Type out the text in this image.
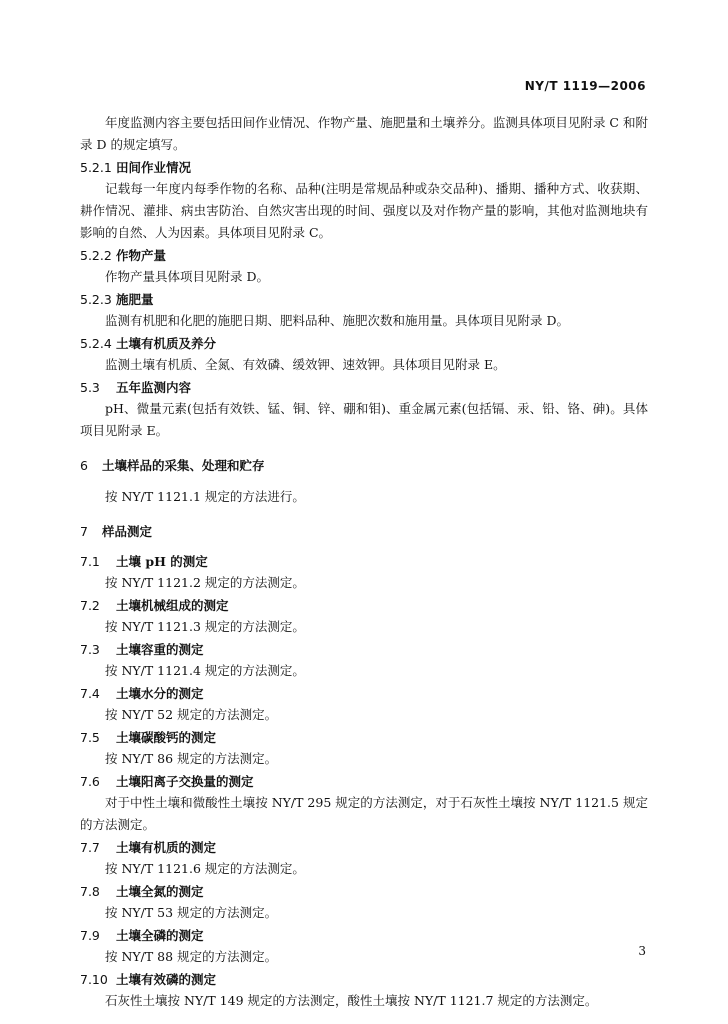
NY/T 1119—2006

年度监测内容主要包括田间作业情况、作物产量、施肥量和土壤养分。监测具体项目见附录 C 和附录 D 的规定填写。

5.2.1 田间作业情况

记载每一年度内每季作物的名称、品种(注明是常规品种或杂交品种)、播期、播种方式、收获期、耕作情况、灌排、病虫害防治、自然灾害出现的时间、强度以及对作物产量的影响，其他对监测地块有影响的自然、人为因素。具体项目见附录 C。

5.2.2 作物产量

作物产量具体项目见附录 D。

5.2.3 施肥量

监测有机肥和化肥的施肥日期、肥料品种、施肥次数和施用量。具体项目见附录 D。

5.2.4 土壤有机质及养分

监测土壤有机质、全氮、有效磷、缓效钾、速效钾。具体项目见附录 E。

5.3 五年监测内容

pH、微量元素(包括有效铁、锰、铜、锌、硼和钼)、重金属元素(包括镉、汞、铅、铬、砷)。具体项目见附录 E。

6 土壤样品的采集、处理和贮存

按 NY/T 1121.1 规定的方法进行。

7 样品测定
7.1 土壤 pH 的测定

按 NY/T 1121.2 规定的方法测定。

7.2 土壤机械组成的测定

按 NY/T 1121.3 规定的方法测定。

7.3 土壤容重的测定

按 NY/T 1121.4 规定的方法测定。

7.4 土壤水分的测定

按 NY/T 52 规定的方法测定。

7.5 土壤碳酸钙的测定

按 NY/T 86 规定的方法测定。

7.6 土壤阳离子交换量的测定

对于中性土壤和微酸性土壤按 NY/T 295 规定的方法测定，对于石灰性土壤按 NY/T 1121.5 规定的方法测定。

7.7 土壤有机质的测定

按 NY/T 1121.6 规定的方法测定。

7.8 土壤全氮的测定

按 NY/T 53 规定的方法测定。

7.9 土壤全磷的测定

按 NY/T 88 规定的方法测定。

7.10 土壤有效磷的测定

石灰性土壤按 NY/T 149 规定的方法测定，酸性土壤按 NY/T 1121.7 规定的方法测定。

3
